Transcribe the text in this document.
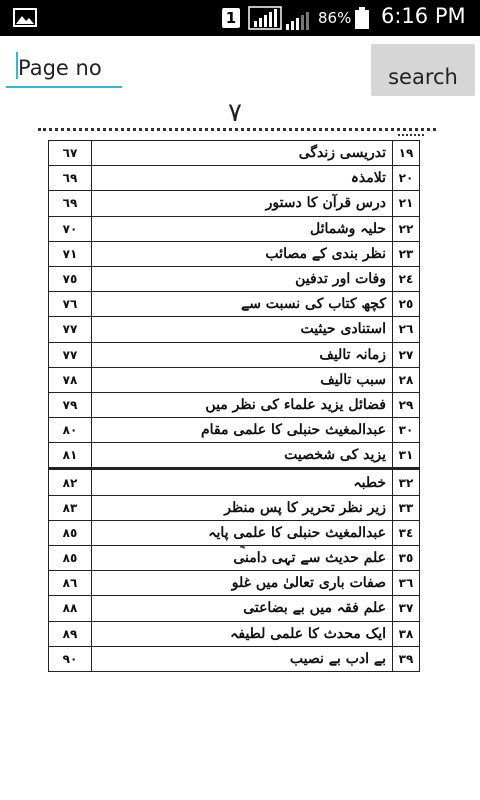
1	86% 6:16 PM
Page no
search
۷
٦٧	تدریسی زندگی	١٩
٦٩	تلامذہ	٢٠
٦٩	درس قرآن کا دستور	٢١
٧٠	حلیہ وشمائل	٢٢
٧١	نظر بندی کے مصائب	٢٣
٧٥	وفات اور تدفین	٢٤
٧٦	کچھ کتاب کی نسبت سے	٢٥
٧٧	استنادی حیثیت	٢٦
٧٧	زمانہ تالیف	٢٧
٧٨	سبب تالیف	٢٨
٧٩	فضائل یزید علماء کی نظر میں	٢٩
٨٠	عبدالمغیث حنبلی کا علمی مقام	٣٠
٨١	یزید کی شخصیت	٣١
٨٢	خطبہ	٣٢
٨٣	زیر نظر تحریر کا پس منظر	٣٣
٨٥	عبدالمغیث حنبلی کا علمی پایہ	٣٤
٨٥	علم حدیث سے تہی دامنی	٣٥
٨٦	صفات باری تعالیٰ میں غلو	٣٦
٨٨	علم فقہ میں بے بضاعتی	٣٧
٨٩	ایک محدث کا علمی لطیفہ	٣٨
٩٠	بے ادب بے نصیب	٣٩
